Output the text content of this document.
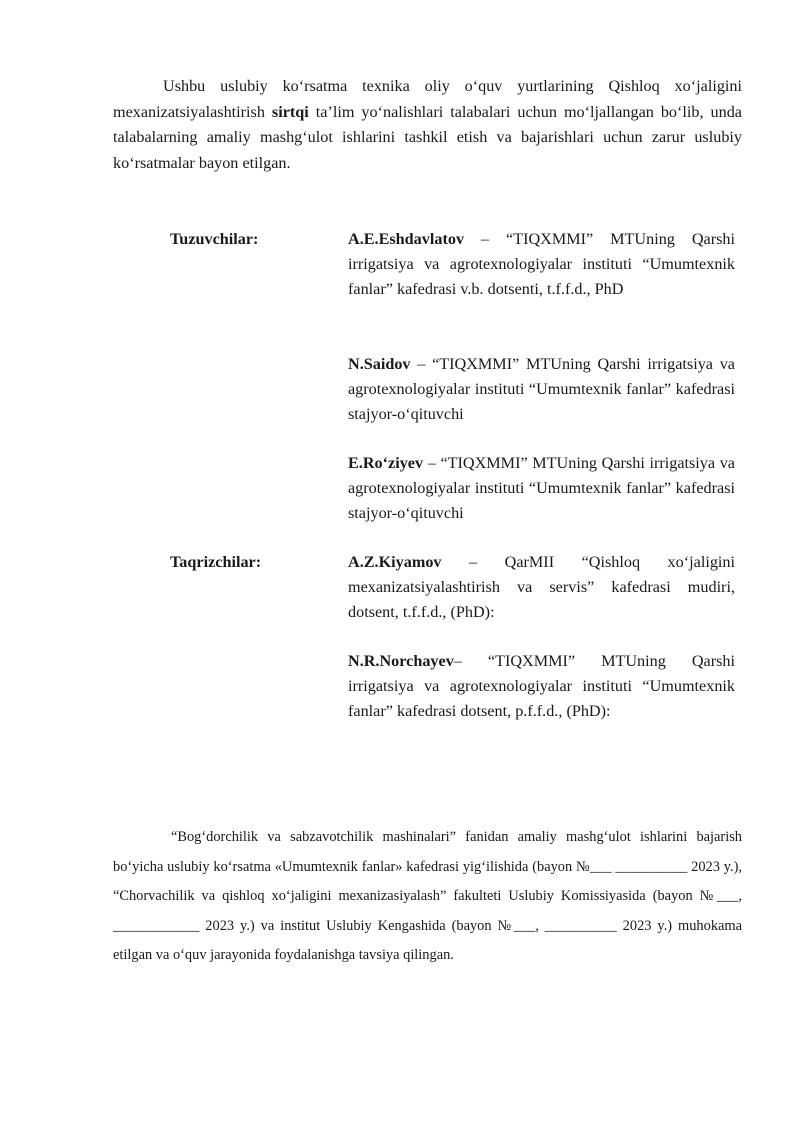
Ushbu uslubiy koʻrsatma texnika oliy oʻquv yurtlarining Qishloq xoʻjaligini mexanizatsiyalashtirish sirtqi taʼlim yoʻnalishlari talabalari uchun moʻljallangan boʻlib, unda talabalarning amaliy mashgʻulot ishlarini tashkil etish va bajarishlari uchun zarur uslubiy koʻrsatmalar bayon etilgan.

Tuzuvchilar:	A.E.Eshdavlatov – “TIQXMMI” MTUning Qarshi irrigatsiya va agrotexnologiyalar instituti “Umumtexnik fanlar” kafedrasi v.b. dotsenti, t.f.f.d., PhD

N.Saidov – “TIQXMMI” MTUning Qarshi irrigatsiya va agrotexnologiyalar instituti “Umumtexnik fanlar” kafedrasi stajyor-oʻqituvchi

E.Roʻziyev – “TIQXMMI” MTUning Qarshi irrigatsiya va agrotexnologiyalar instituti “Umumtexnik fanlar” kafedrasi stajyor-oʻqituvchi

Taqrizchilar:	A.Z.Kiyamov – QarMII “Qishloq xoʻjaligini mexanizatsiyalashtirish va servis” kafedrasi mudiri, dotsent, t.f.f.d., (PhD):

N.R.Norchayev– “TIQXMMI” MTUning Qarshi irrigatsiya va agrotexnologiyalar instituti “Umumtexnik fanlar” kafedrasi dotsent, p.f.f.d., (PhD):

“Bogʻdorchilik va sabzavotchilik mashinalari” fanidan amaliy mashgʻulot ishlarini bajarish boʻyicha uslubiy koʻrsatma «Umumtexnik fanlar» kafedrasi yigʻilishida (bayon №___ __________ 2023 y.), “Chorvachilik va qishloq xoʻjaligini mexanizasiyalash” fakulteti Uslubiy Komissiyasida (bayon №___, ____________ 2023 y.) va institut Uslubiy Kengashida (bayon №___, __________ 2023 y.) muhokama etilgan va oʻquv jarayonida foydalanishga tavsiya qilingan.
